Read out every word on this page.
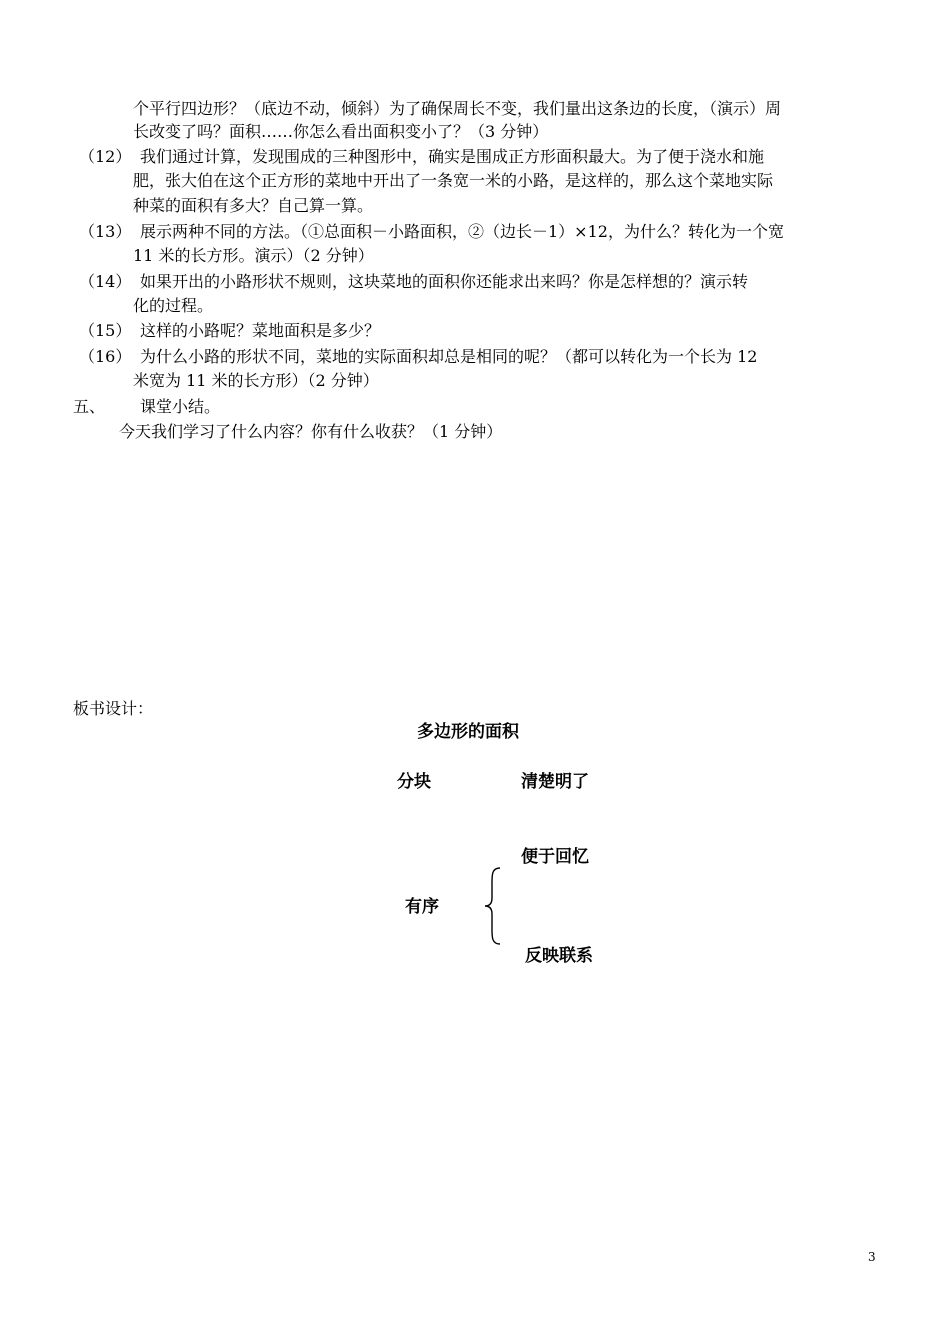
个平行四边形？（底边不动，倾斜）为了确保周长不变，我们量出这条边的长度，（演示）周
长改变了吗？面积……你怎么看出面积变小了？（3 分钟）
（12） 我们通过计算，发现围成的三种图形中，确实是围成正方形面积最大。为了便于浇水和施
肥，张大伯在这个正方形的菜地中开出了一条宽一米的小路，是这样的，那么这个菜地实际
种菜的面积有多大？自己算一算。
（13） 展示两种不同的方法。（①总面积－小路面积，②（边长－1）×12，为什么？转化为一个宽
11 米的长方形。演示）（2 分钟）
（14） 如果开出的小路形状不规则，这块菜地的面积你还能求出来吗？你是怎样想的？演示转
化的过程。
（15） 这样的小路呢？菜地面积是多少？
（16） 为什么小路的形状不同，菜地的实际面积却总是相同的呢？（都可以转化为一个长为 12
米宽为 11 米的长方形）（2 分钟）
五、 课堂小结。
今天我们学习了什么内容？你有什么收获？（1 分钟）
板书设计：
多边形的面积
分块	清楚明了
便于回忆
有序
反映联系
3
